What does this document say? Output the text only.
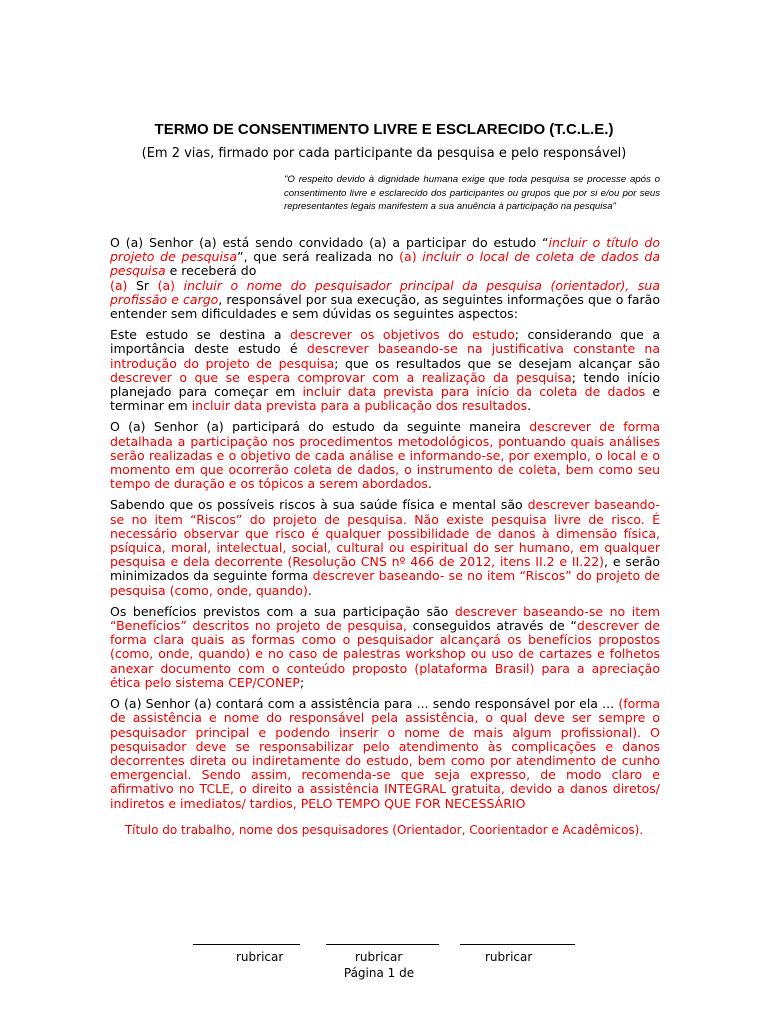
TERMO DE CONSENTIMENTO LIVRE E ESCLARECIDO (T.C.L.E.)
(Em 2 vias, firmado por cada participante da pesquisa e pelo responsável)
"O respeito devido à dignidade humana exige que toda pesquisa se processe após o consentimento livre e esclarecido dos participantes ou grupos que por si e/ou por seus representantes legais manifestem a sua anuência à participação na pesquisa"

O (a) Senhor (a) está sendo convidado (a) a participar do estudo “incluir o título do projeto de pesquisa”, que será realizada no (a) incluir o local de coleta de dados da pesquisa e receberá do

(a) Sr (a) incluir o nome do pesquisador principal da pesquisa (orientador), sua profissão e cargo, responsável por sua execução, as seguintes informações que o farão entender sem dificuldades e sem dúvidas os seguintes aspectos:

Este estudo se destina a descrever os objetivos do estudo; considerando que a importância deste estudo é descrever baseando-se na justificativa constante na introdução do projeto de pesquisa; que os resultados que se desejam alcançar são descrever o que se espera comprovar com a realização da pesquisa; tendo início planejado para começar em incluir data prevista para início da coleta de dados e terminar em incluir data prevista para a publicação dos resultados.

O (a) Senhor (a) participará do estudo da seguinte maneira descrever de forma detalhada a participação nos procedimentos metodológicos, pontuando quais análises serão realizadas e o objetivo de cada análise e informando-se, por exemplo, o local e o momento em que ocorrerão coleta de dados, o instrumento de coleta, bem como seu tempo de duração e os tópicos a serem abordados.

Sabendo que os possíveis riscos à sua saúde física e mental são descrever baseando-se no item “Riscos” do projeto de pesquisa. Não existe pesquisa livre de risco. É necessário observar que risco é qualquer possibilidade de danos à dimensão física, psíquica, moral, intelectual, social, cultural ou espiritual do ser humano, em qualquer pesquisa e dela decorrente (Resolução CNS nº 466 de 2012, itens II.2 e II.22), e serão minimizados da seguinte forma descrever baseando- se no item “Riscos” do projeto de pesquisa (como, onde, quando).

Os benefícios previstos com a sua participação são descrever baseando-se no item “Benefícios” descritos no projeto de pesquisa, conseguidos através de “descrever de forma clara quais as formas como o pesquisador alcançará os benefícios propostos (como, onde, quando) e no caso de palestras workshop ou uso de cartazes e folhetos anexar documento com o conteúdo proposto (plataforma Brasil) para a apreciação ética pelo sistema CEP/CONEP;

O (a) Senhor (a) contará com a assistência para ... sendo responsável por ela ... (forma de assistência e nome do responsável pela assistência, o qual deve ser sempre o pesquisador principal e podendo inserir o nome de mais algum profissional). O pesquisador deve se responsabilizar pelo atendimento às complicações e danos decorrentes direta ou indiretamente do estudo, bem como por atendimento de cunho emergencial. Sendo assim, recomenda-se que seja expresso, de modo claro e afirmativo no TCLE, o direito a assistência INTEGRAL gratuita, devido a danos diretos/ indiretos e imediatos/ tardios, PELO TEMPO QUE FOR NECESSÁRIO

Título do trabalho, nome dos pesquisadores (Orientador, Coorientador e Acadêmicos).
rubricar	rubricar	rubricar
Página 1 de
